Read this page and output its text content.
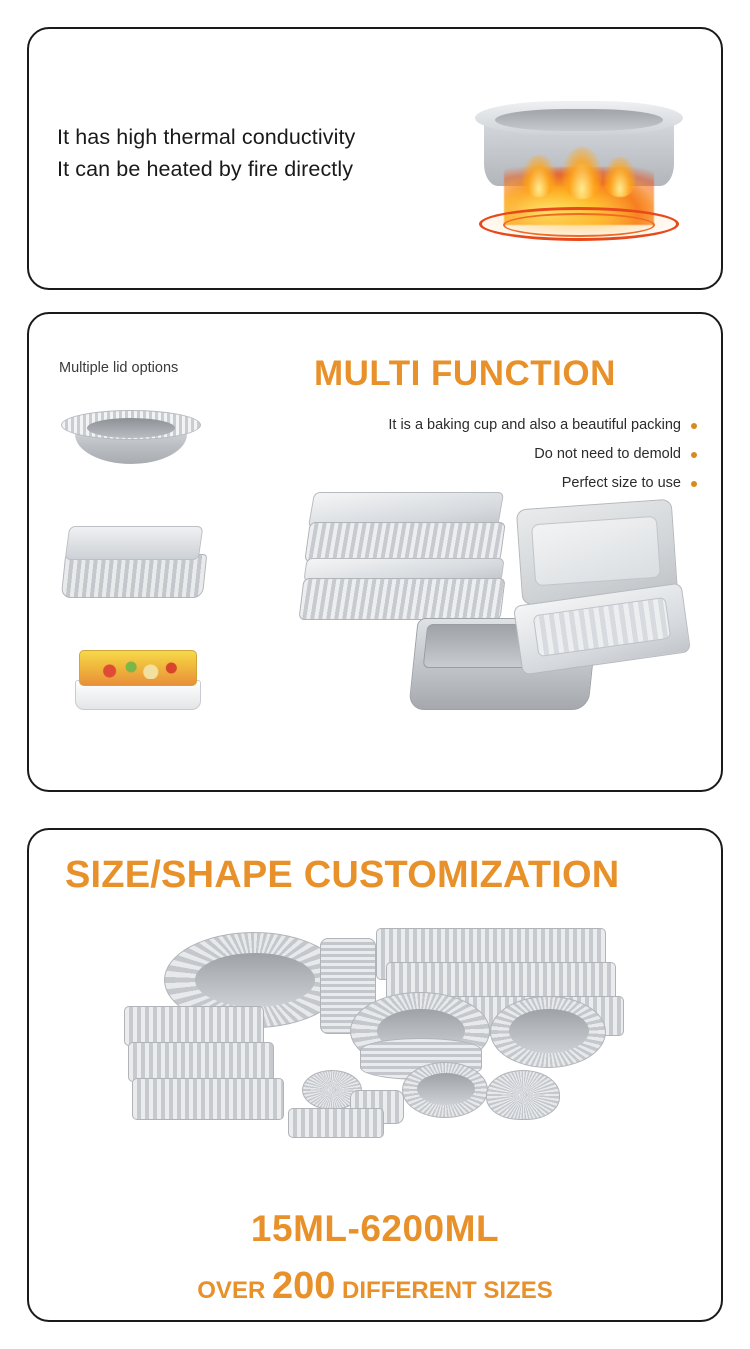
It has high thermal conductivity
It can be heated by fire directly
Multiple lid options	MULTI FUNCTION
It is a baking cup and also a beautiful packing
Do not need to demold
Perfect size to use
SIZE/SHAPE CUSTOMIZATION
15ML-6200ML
OVER 200 DIFFERENT SIZES
